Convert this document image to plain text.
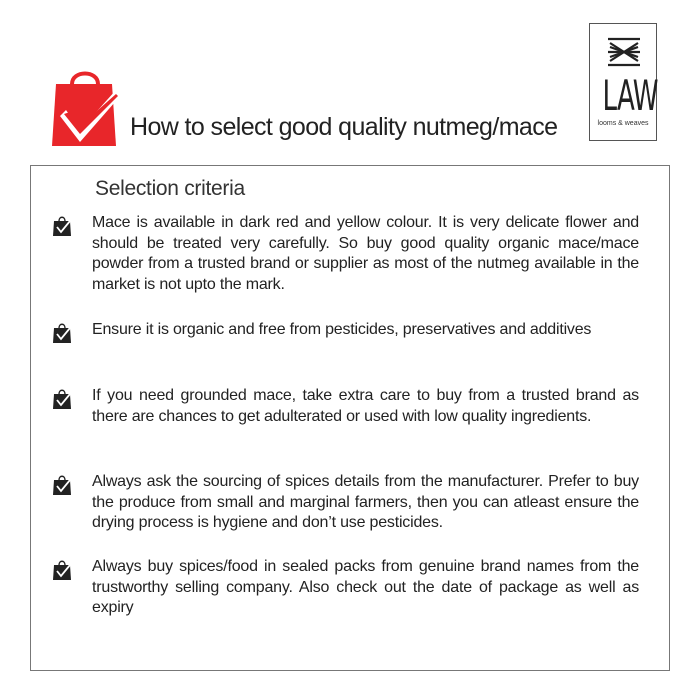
How to select good quality nutmeg/mace
LAW
looms & weaves
Selection criteria
Mace is available in dark red and yellow colour. It is very delicate flower and should be treated very carefully. So buy good quality organic mace/mace powder from a trusted brand or supplier as most of the nutmeg available in the market is not upto the mark.
Ensure it is organic and free from pesticides, preservatives and additives
If you need grounded mace, take extra care to buy from a trusted brand as there are chances to get adulterated or used with low quality ingredients.
Always ask the sourcing of spices details from the manufacturer. Prefer to buy the produce from small and marginal farmers, then you can atleast ensure the drying process is hygiene and don’t use pesticides.
Always buy spices/food in sealed packs from genuine brand names from the trustworthy selling company. Also check out the date of package as well as expiry
